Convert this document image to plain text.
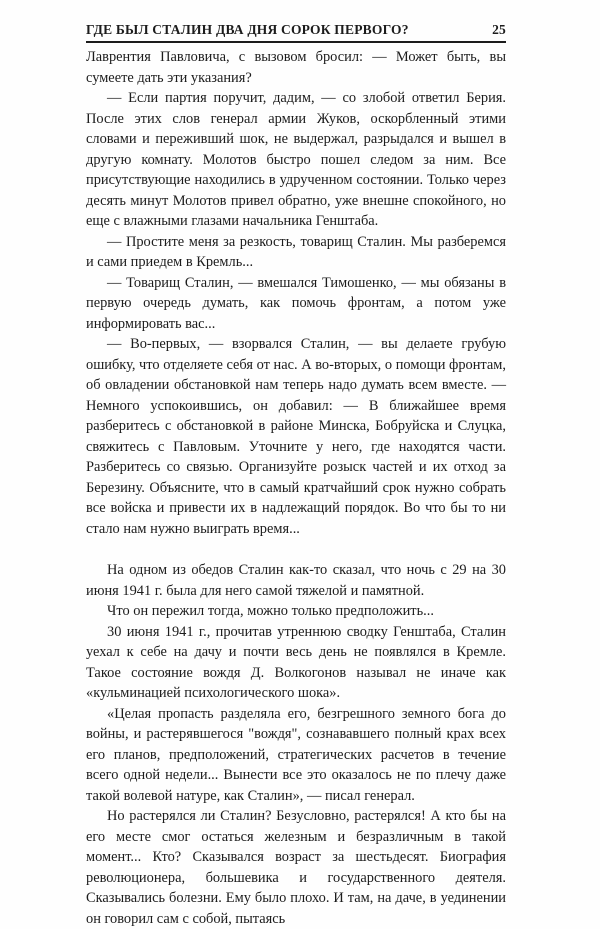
ГДЕ БЫЛ СТАЛИН ДВА ДНЯ СОРОК ПЕРВОГО?	25

Лаврентия Павловича, с вызовом бросил: — Может быть, вы сумеете дать эти указания?

— Если партия поручит, дадим, — со злобой ответил Берия. После этих слов генерал армии Жуков, оскорбленный этими словами и переживший шок, не выдержал, разрыдался и вышел в другую комнату. Молотов быстро пошел следом за ним. Все присутствующие находились в удрученном состоянии. Только через десять минут Молотов привел обратно, уже внешне спокойного, но еще с влажными глазами начальника Генштаба.

— Простите меня за резкость, товарищ Сталин. Мы разберемся и сами приедем в Кремль...

— Товарищ Сталин, — вмешался Тимошенко, — мы обязаны в первую очередь думать, как помочь фронтам, а потом уже информировать вас...

— Во-первых, — взорвался Сталин, — вы делаете грубую ошибку, что отделяете себя от нас. А во-вторых, о помощи фронтам, об овладении обстановкой нам теперь надо думать всем вместе. — Немного успокоившись, он добавил: — В ближайшее время разберитесь с обстановкой в районе Минска, Бобруйска и Слуцка, свяжитесь с Павловым. Уточните у него, где находятся части. Разберитесь со связью. Организуйте розыск частей и их отход за Березину. Объясните, что в самый кратчайший срок нужно собрать все войска и привести их в надлежащий порядок. Во что бы то ни стало нам нужно выиграть время...

На одном из обедов Сталин как-то сказал, что ночь с 29 на 30 июня 1941 г. была для него самой тяжелой и памятной.

Что он пережил тогда, можно только предположить...

30 июня 1941 г., прочитав утреннюю сводку Генштаба, Сталин уехал к себе на дачу и почти весь день не появлялся в Кремле. Такое состояние вождя Д. Волкогонов называл не иначе как «кульминацией психологического шока».

«Целая пропасть разделяла его, безгрешного земного бога до войны, и растерявшегося "вождя", сознававшего полный крах всех его планов, предположений, стратегических расчетов в течение всего одной недели... Вынести все это оказалось не по плечу даже такой волевой натуре, как Сталин», — писал генерал.

Но растерялся ли Сталин? Безусловно, растерялся! А кто бы на его месте смог остаться железным и безразличным в такой момент... Кто? Сказывался возраст за шестьдесят. Биография революционера, большевика и государственного деятеля. Сказывались болезни. Ему было плохо. И там, на даче, в уединении он говорил сам с собой, пытаясь
